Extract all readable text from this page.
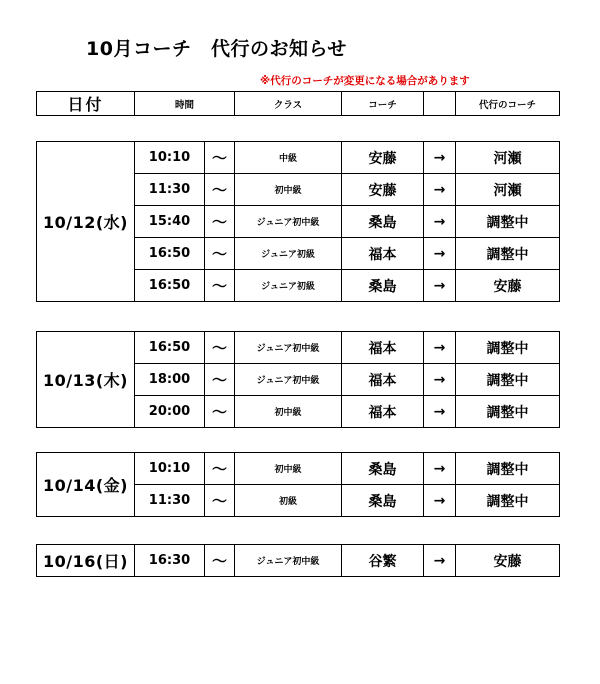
10月コーチ　代行のお知らせ
※代行のコーチが変更になる場合があります
日付	時間	クラス	コーチ		代行のコーチ
10/12(水)	10:10	～	中級	安藤	→	河瀬
	11:30	～	初中級	安藤	→	河瀬
	15:40	～	ジュニア初中級	桑島	→	調整中
	16:50	～	ジュニア初級	福本	→	調整中
	16:50	～	ジュニア初級	桑島	→	安藤
10/13(木)	16:50	～	ジュニア初中級	福本	→	調整中
	18:00	～	ジュニア初中級	福本	→	調整中
	20:00	～	初中級	福本	→	調整中
10/14(金)	10:10	～	初中級	桑島	→	調整中
	11:30	～	初級	桑島	→	調整中
10/16(日)	16:30	～	ジュニア初中級	谷繁	→	安藤
